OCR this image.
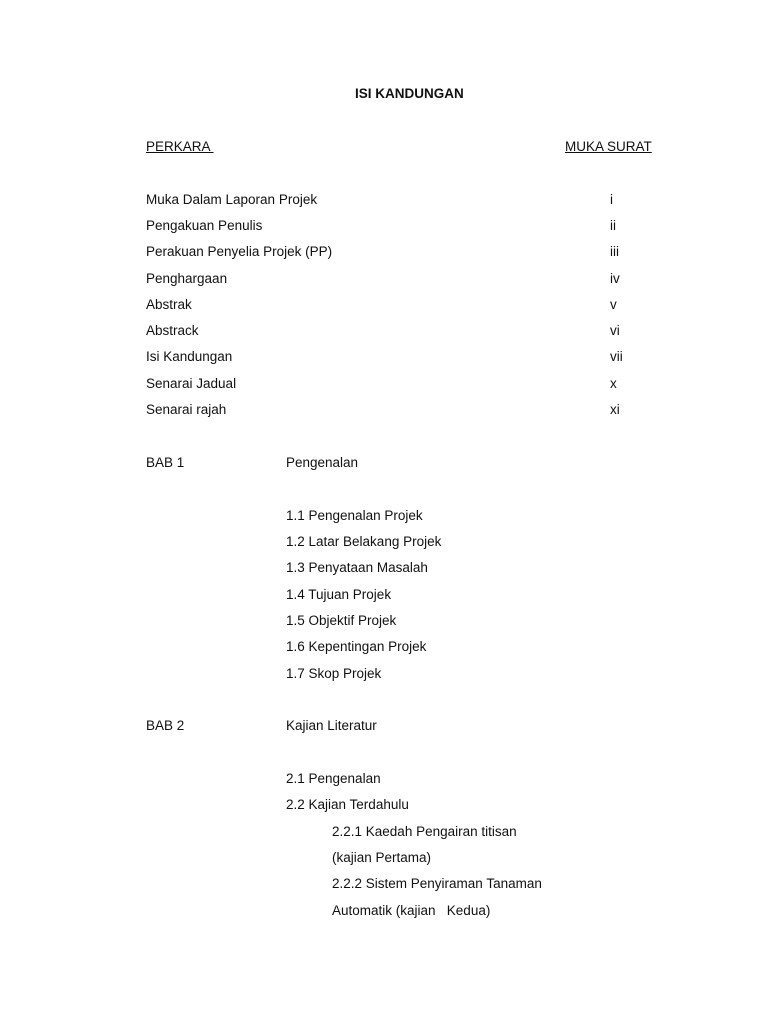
ISI KANDUNGAN
PERKARA	MUKA SURAT
Muka Dalam Laporan Projek	i
Pengakuan Penulis	ii
Perakuan Penyelia Projek (PP)	iii
Penghargaan	iv
Abstrak	v
Abstrack	vi
Isi Kandungan	vii
Senarai Jadual	x
Senarai rajah	xi
BAB 1	Pengenalan
1.1 Pengenalan Projek
1.2 Latar Belakang Projek
1.3 Penyataan Masalah
1.4 Tujuan Projek
1.5 Objektif Projek
1.6 Kepentingan Projek
1.7 Skop Projek
BAB 2	Kajian Literatur
2.1 Pengenalan
2.2 Kajian Terdahulu
2.2.1 Kaedah Pengairan titisan
(kajian Pertama)
2.2.2 Sistem Penyiraman Tanaman
Automatik (kajian   Kedua)
